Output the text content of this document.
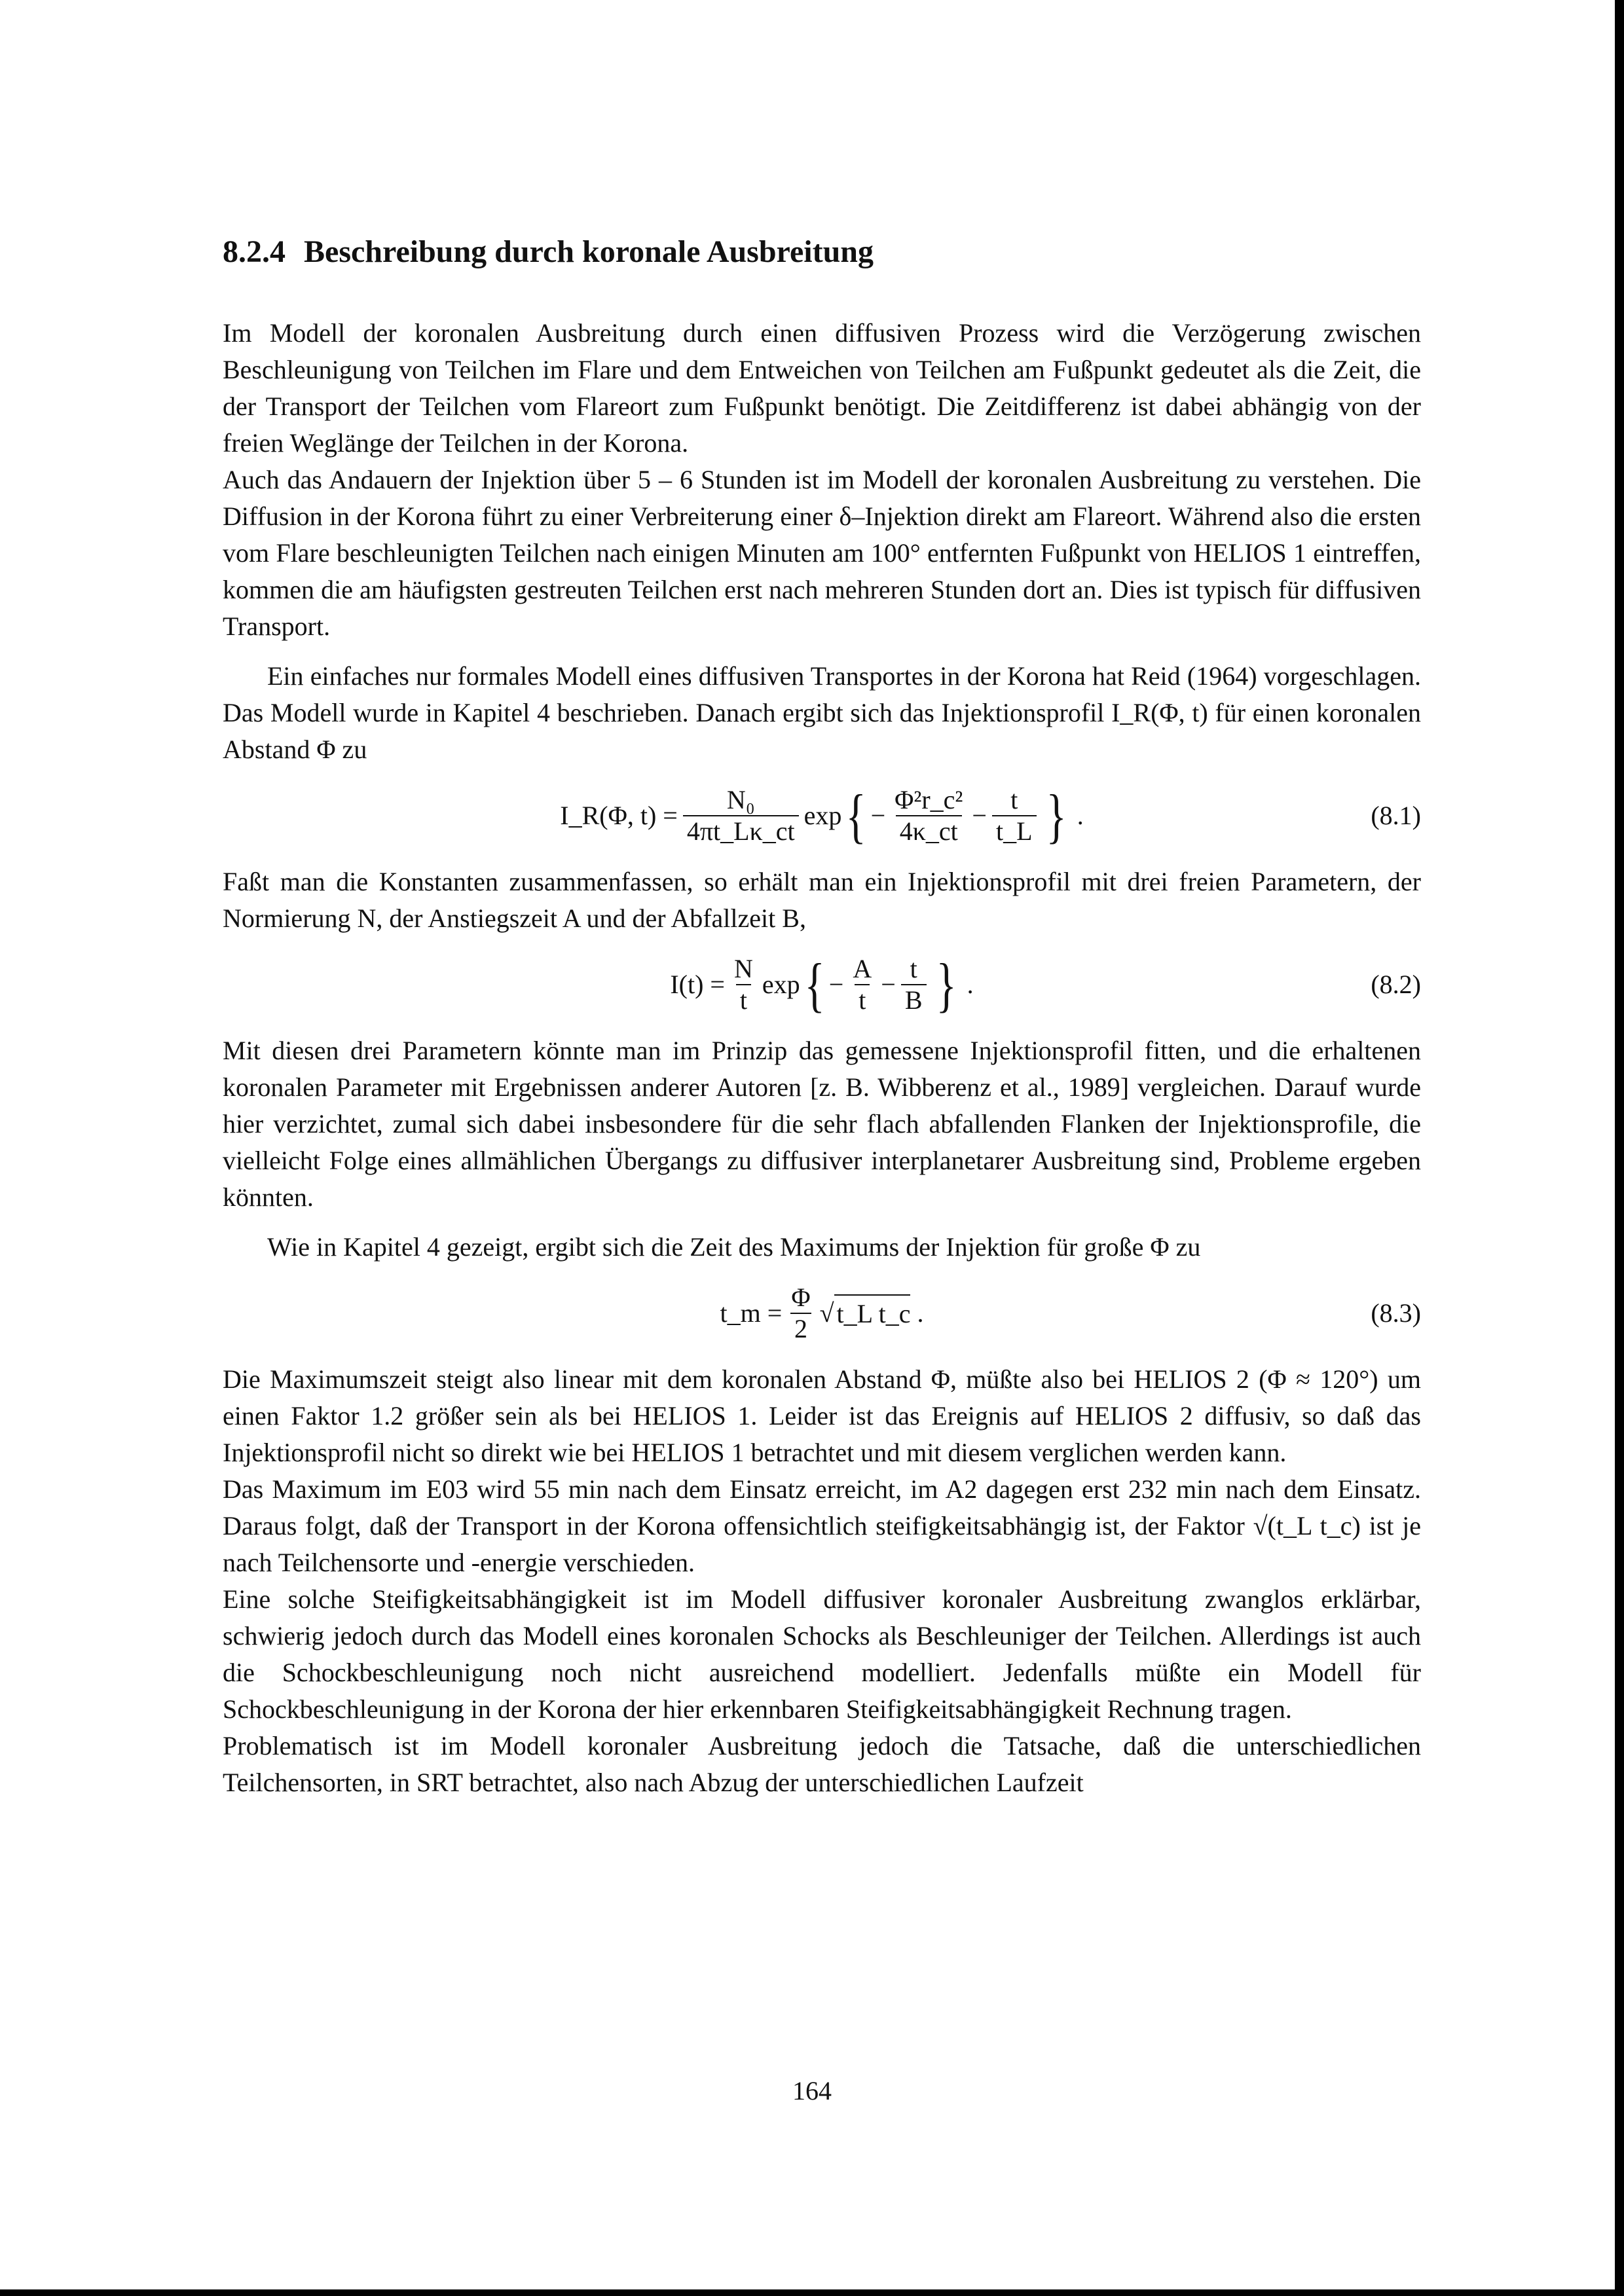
8.2.4 Beschreibung durch koronale Ausbreitung

Im Modell der koronalen Ausbreitung durch einen diffusiven Prozess wird die Verzögerung zwischen Beschleunigung von Teilchen im Flare und dem Entweichen von Teilchen am Fußpunkt gedeutet als die Zeit, die der Transport der Teilchen vom Flareort zum Fußpunkt benötigt. Die Zeitdifferenz ist dabei abhängig von der freien Weglänge der Teilchen in der Korona.

Auch das Andauern der Injektion über 5 – 6 Stunden ist im Modell der koronalen Ausbreitung zu verstehen. Die Diffusion in der Korona führt zu einer Verbreiterung einer δ–Injektion direkt am Flareort. Während also die ersten vom Flare beschleunigten Teilchen nach einigen Minuten am 100° entfernten Fußpunkt von HELIOS 1 eintreffen, kommen die am häufigsten gestreuten Teilchen erst nach mehreren Stunden dort an. Dies ist typisch für diffusiven Transport.

Ein einfaches nur formales Modell eines diffusiven Transportes in der Korona hat Reid (1964) vorgeschlagen. Das Modell wurde in Kapitel 4 beschrieben. Danach ergibt sich das Injektionsprofil I_R(Φ, t) für einen koronalen Abstand Φ zu

I_R(Φ, $t) = \frac{\text{N₀}}{4\pi t\_L\kappa\_ct}$ exp { − $\frac{\text{Φ²r\_c²}}{4\kappa\_ct} - \frac{t}{t\_L}$ } .	(8.1)

Faßt man die Konstanten zusammenfassen, so erhält man ein Injektionsprofil mit drei freien Parametern, der Normierung N, der Anstiegszeit A und der Abfallzeit B,

$I(t) = \frac{N}{t}$ exp { − $\frac{A}{t} - \frac{t}{B}$ } .	(8.2)

Mit diesen drei Parametern könnte man im Prinzip das gemessene Injektionsprofil fitten, und die erhaltenen koronalen Parameter mit Ergebnissen anderer Autoren [z. B. Wibberenz et al., 1989] vergleichen. Darauf wurde hier verzichtet, zumal sich dabei insbesondere für die sehr flach abfallenden Flanken der Injektionsprofile, die vielleicht Folge eines allmählichen Übergangs zu diffusiver interplanetarer Ausbreitung sind, Probleme ergeben könnten.

Wie in Kapitel 4 gezeigt, ergibt sich die Zeit des Maximums der Injektion für große Φ zu

t_m = $\frac{\Phi}{2}$ √ t_L t_c .	(8.3)

Die Maximumszeit steigt also linear mit dem koronalen Abstand Φ, müßte also bei HELIOS 2 (Φ ≈ 120°) um einen Faktor 1.2 größer sein als bei HELIOS 1. Leider ist das Ereignis auf HELIOS 2 diffusiv, so daß das Injektionsprofil nicht so direkt wie bei HELIOS 1 betrachtet und mit diesem verglichen werden kann.

Das Maximum im E03 wird 55 min nach dem Einsatz erreicht, im A2 dagegen erst 232 min nach dem Einsatz. Daraus folgt, daß der Transport in der Korona offensichtlich steifigkeitsabhängig ist, der Faktor √(t_L t_c) ist je nach Teilchensorte und -energie verschieden.

Eine solche Steifigkeitsabhängigkeit ist im Modell diffusiver koronaler Ausbreitung zwanglos erklärbar, schwierig jedoch durch das Modell eines koronalen Schocks als Beschleuniger der Teilchen. Allerdings ist auch die Schockbeschleunigung noch nicht ausreichend modelliert. Jedenfalls müßte ein Modell für Schockbeschleunigung in der Korona der hier erkennbaren Steifigkeitsabhängigkeit Rechnung tragen.

Problematisch ist im Modell koronaler Ausbreitung jedoch die Tatsache, daß die unterschiedlichen Teilchensorten, in SRT betrachtet, also nach Abzug der unterschiedlichen Laufzeit

164
